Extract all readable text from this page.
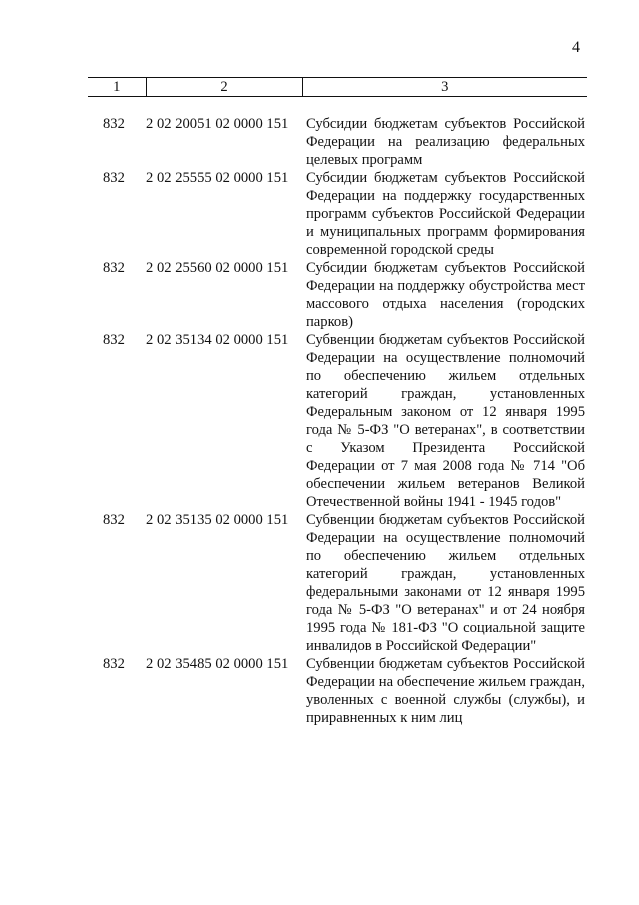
4
1	2	3
832	2 02 20051 02 0000 151	Субсидии бюджетам субъектов Российской Федерации на реализацию федеральных целевых программ
832	2 02 25555 02 0000 151	Субсидии бюджетам субъектов Российской Федерации на поддержку государственных программ субъектов Российской Федерации и муниципальных программ формирования современной городской среды
832	2 02 25560 02 0000 151	Субсидии бюджетам субъектов Российской Федерации на поддержку обустройства мест массового отдыха населения (городских парков)
832	2 02 35134 02 0000 151	Субвенции бюджетам субъектов Российской Федерации на осуществление полномочий по обеспечению жильем отдельных категорий граждан, установленных Федеральным законом от 12 января 1995 года № 5-ФЗ "О ветеранах", в соответствии с Указом Президента Российской Федерации от 7 мая 2008 года № 714 "Об обеспечении жильем ветеранов Великой Отечественной войны 1941 - 1945 годов"
832	2 02 35135 02 0000 151	Субвенции бюджетам субъектов Российской Федерации на осуществление полномочий по обеспечению жильем отдельных категорий граждан, установленных федеральными законами от 12 января 1995 года № 5-ФЗ "О ветеранах" и от 24 ноября 1995 года № 181-ФЗ "О социальной защите инвалидов в Российской Федерации"
832	2 02 35485 02 0000 151	Субвенции бюджетам субъектов Российской Федерации на обеспечение жильем граждан, уволенных с военной службы (службы), и приравненных к ним лиц
